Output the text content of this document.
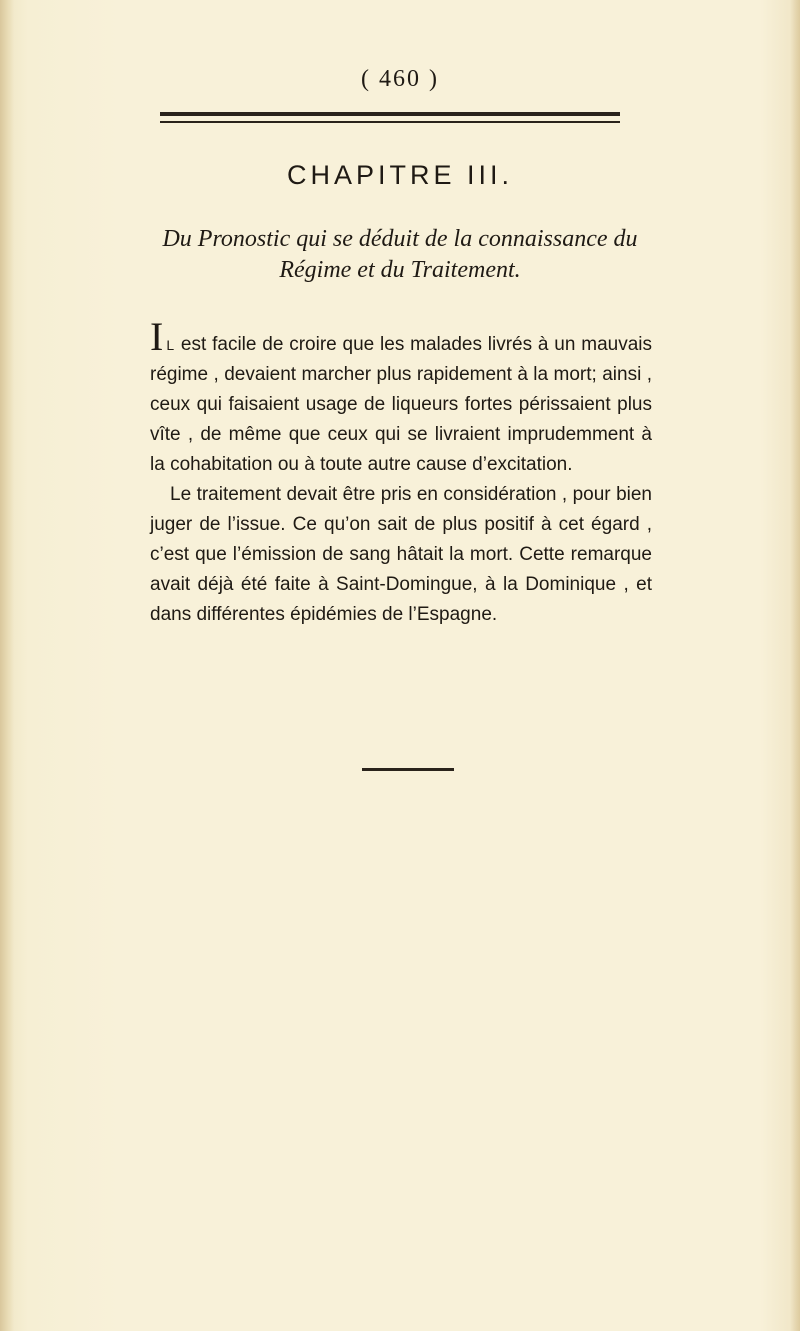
( 460 )
CHAPITRE III.
Du Pronostic qui se déduit de la connaissance du
Régime et du Traitement.

IL est facile de croire que les malades livrés à un mauvais régime , devaient marcher plus rapidement à la mort; ainsi , ceux qui faisaient usage de liqueurs fortes périssaient plus vîte , de même que ceux qui se livraient imprudemment à la cohabitation ou à toute autre cause d’excitation.

Le traitement devait être pris en considération , pour bien juger de l’issue. Ce qu’on sait de plus positif à cet égard , c’est que l’émission de sang hâtait la mort. Cette remarque avait déjà été faite à Saint-Domingue, à la Dominique , et dans différentes épidémies de l’Espagne.
